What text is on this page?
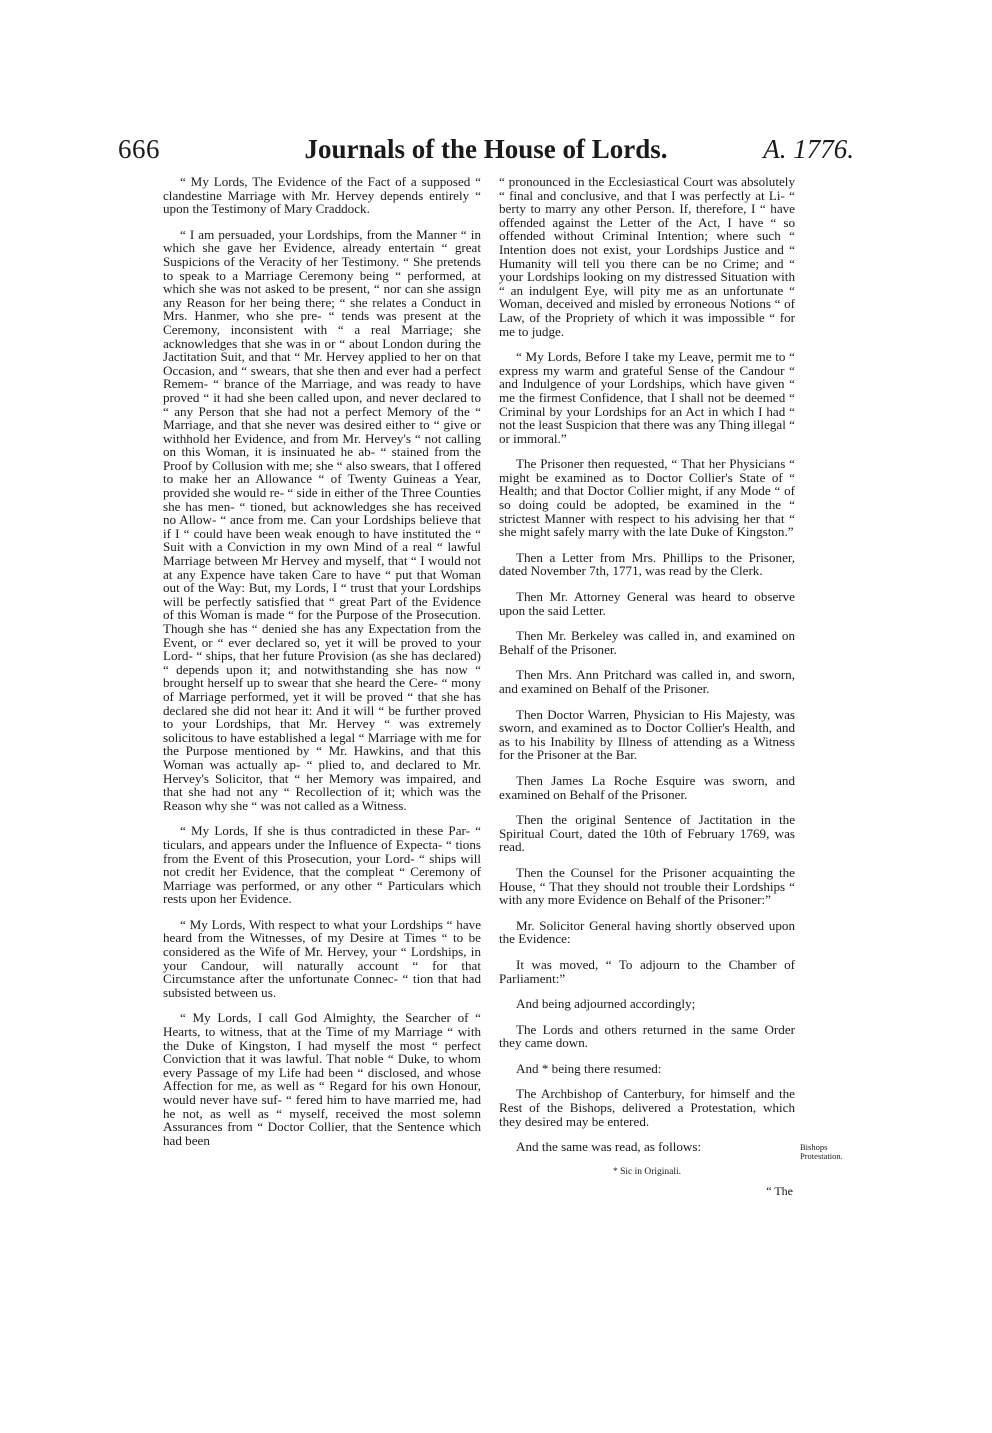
666	Journals of the House of Lords.	A. 1776.

“ My Lords, The Evidence of the Fact of a supposed “ clandestine Marriage with Mr. Hervey depends entirely “ upon the Testimony of Mary Craddock.

“ I am persuaded, your Lordships, from the Manner “ in which she gave her Evidence, already entertain “ great Suspicions of the Veracity of her Testimony. “ She pretends to speak to a Marriage Ceremony being “ performed, at which she was not asked to be present, “ nor can she assign any Reason for her being there; “ she relates a Conduct in Mrs. Hanmer, who she pre- “ tends was present at the Ceremony, inconsistent with “ a real Marriage; she acknowledges that she was in or “ about London during the Jactitation Suit, and that “ Mr. Hervey applied to her on that Occasion, and “ swears, that she then and ever had a perfect Remem- “ brance of the Marriage, and was ready to have proved “ it had she been called upon, and never declared to “ any Person that she had not a perfect Memory of the “ Marriage, and that she never was desired either to “ give or withhold her Evidence, and from Mr. Hervey's “ not calling on this Woman, it is insinuated he ab- “ stained from the Proof by Collusion with me; she “ also swears, that I offered to make her an Allowance “ of Twenty Guineas a Year, provided she would re- “ side in either of the Three Counties she has men- “ tioned, but acknowledges she has received no Allow- “ ance from me. Can your Lordships believe that if I “ could have been weak enough to have instituted the “ Suit with a Conviction in my own Mind of a real “ lawful Marriage between Mr Hervey and myself, that “ I would not at any Expence have taken Care to have “ put that Woman out of the Way: But, my Lords, I “ trust that your Lordships will be perfectly satisfied that “ great Part of the Evidence of this Woman is made “ for the Purpose of the Prosecution. Though she has “ denied she has any Expectation from the Event, or “ ever declared so, yet it will be proved to your Lord- “ ships, that her future Provision (as she has declared) “ depends upon it; and notwithstanding she has now “ brought herself up to swear that she heard the Cere- “ mony of Marriage performed, yet it will be proved “ that she has declared she did not hear it: And it will “ be further proved to your Lordships, that Mr. Hervey “ was extremely solicitous to have established a legal “ Marriage with me for the Purpose mentioned by “ Mr. Hawkins, and that this Woman was actually ap- “ plied to, and declared to Mr. Hervey's Solicitor, that “ her Memory was impaired, and that she had not any “ Recollection of it; which was the Reason why she “ was not called as a Witness.

“ My Lords, If she is thus contradicted in these Par- “ ticulars, and appears under the Influence of Expecta- “ tions from the Event of this Prosecution, your Lord- “ ships will not credit her Evidence, that the compleat “ Ceremony of Marriage was performed, or any other “ Particulars which rests upon her Evidence.

“ My Lords, With respect to what your Lordships “ have heard from the Witnesses, of my Desire at Times “ to be considered as the Wife of Mr. Hervey, your “ Lordships, in your Candour, will naturally account “ for that Circumstance after the unfortunate Connec- “ tion that had subsisted between us.

“ My Lords, I call God Almighty, the Searcher of “ Hearts, to witness, that at the Time of my Marriage “ with the Duke of Kingston, I had myself the most “ perfect Conviction that it was lawful. That noble “ Duke, to whom every Passage of my Life had been “ disclosed, and whose Affection for me, as well as “ Regard for his own Honour, would never have suf- “ fered him to have married me, had he not, as well as “ myself, received the most solemn Assurances from “ Doctor Collier, that the Sentence which had been

“ pronounced in the Ecclesiastical Court was absolutely “ final and conclusive, and that I was perfectly at Li- “ berty to marry any other Person. If, therefore, I “ have offended against the Letter of the Act, I have “ so offended without Criminal Intention; where such “ Intention does not exist, your Lordships Justice and “ Humanity will tell you there can be no Crime; and “ your Lordships looking on my distressed Situation with “ an indulgent Eye, will pity me as an unfortunate “ Woman, deceived and misled by erroneous Notions “ of Law, of the Propriety of which it was impossible “ for me to judge.

“ My Lords, Before I take my Leave, permit me to “ express my warm and grateful Sense of the Candour “ and Indulgence of your Lordships, which have given “ me the firmest Confidence, that I shall not be deemed “ Criminal by your Lordships for an Act in which I had “ not the least Suspicion that there was any Thing illegal “ or immoral.”

The Prisoner then requested, “ That her Physicians “ might be examined as to Doctor Collier's State of “ Health; and that Doctor Collier might, if any Mode “ of so doing could be adopted, be examined in the “ strictest Manner with respect to his advising her that “ she might safely marry with the late Duke of Kingston.”

Then a Letter from Mrs. Phillips to the Prisoner, dated November 7th, 1771, was read by the Clerk.

Then Mr. Attorney General was heard to observe upon the said Letter.

Then Mr. Berkeley was called in, and examined on Behalf of the Prisoner.

Then Mrs. Ann Pritchard was called in, and sworn, and examined on Behalf of the Prisoner.

Then Doctor Warren, Physician to His Majesty, was sworn, and examined as to Doctor Collier's Health, and as to his Inability by Illness of attending as a Witness for the Prisoner at the Bar.

Then James La Roche Esquire was sworn, and examined on Behalf of the Prisoner.

Then the original Sentence of Jactitation in the Spiritual Court, dated the 10th of February 1769, was read.

Then the Counsel for the Prisoner acquainting the House, “ That they should not trouble their Lordships “ with any more Evidence on Behalf of the Prisoner:”

Mr. Solicitor General having shortly observed upon the Evidence:

It was moved, “ To adjourn to the Chamber of Parliament:”

And being adjourned accordingly;

The Lords and others returned in the same Order they came down.

And * being there resumed:

The Archbishop of Canterbury, for himself and the Rest of the Bishops, delivered a Protestation, which they desired may be entered.

And the same was read, as follows:

* Sic in Originali.
“ The
Bishops Protestation.
